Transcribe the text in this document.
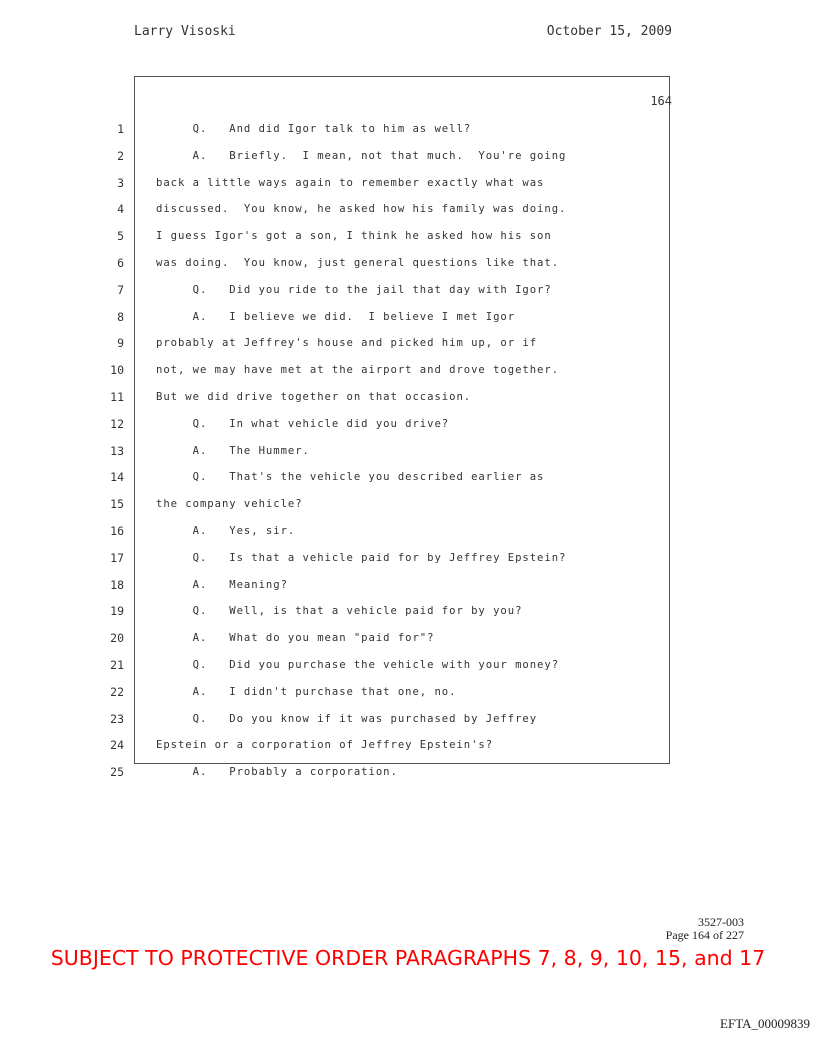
Larry Visoski	October 15, 2009
164
1
2
3
4
5
6
7
8
9
10
11
12
13
14
15
16
17
18
19
20
21
22
23
24
25
Q.   And did Igor talk to him as well?
A.   Briefly.  I mean, not that much.  You're going
back a little ways again to remember exactly what was
discussed.  You know, he asked how his family was doing.
I guess Igor's got a son, I think he asked how his son
was doing.  You know, just general questions like that.
Q.   Did you ride to the jail that day with Igor?
A.   I believe we did.  I believe I met Igor
probably at Jeffrey's house and picked him up, or if
not, we may have met at the airport and drove together.
But we did drive together on that occasion.
Q.   In what vehicle did you drive?
A.   The Hummer.
Q.   That's the vehicle you described earlier as
the company vehicle?
A.   Yes, sir.
Q.   Is that a vehicle paid for by Jeffrey Epstein?
A.   Meaning?
Q.   Well, is that a vehicle paid for by you?
A.   What do you mean "paid for"?
Q.   Did you purchase the vehicle with your money?
A.   I didn't purchase that one, no.
Q.   Do you know if it was purchased by Jeffrey
Epstein or a corporation of Jeffrey Epstein's?
A.   Probably a corporation.
3527-003
Page 164 of 227
SUBJECT TO PROTECTIVE ORDER PARAGRAPHS 7, 8, 9, 10, 15, and 17
EFTA_00009839
